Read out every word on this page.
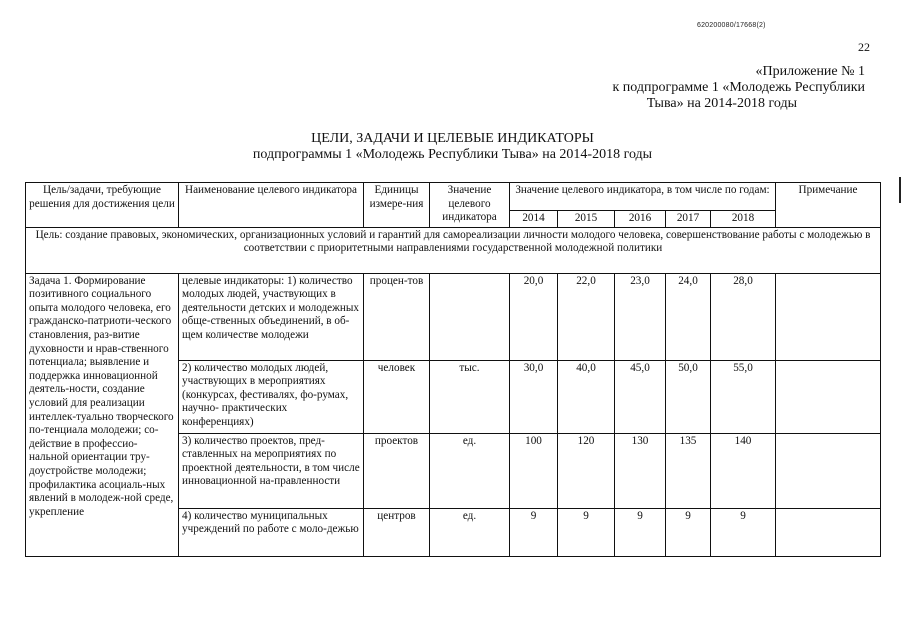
620200080/17668(2)
22
«Приложение № 1
к подпрограмме 1 «Молодежь Республики
Тыва» на 2014-2018 годы
ЦЕЛИ, ЗАДАЧИ И ЦЕЛЕВЫЕ ИНДИКАТОРЫ
подпрограммы 1 «Молодежь Республики Тыва» на 2014-2018 годы
Цель/задачи, требующие решения для достижения цели	Наименование целевого индикатора	Единицы измере-ния	Значение целевого индикатора	Значение целевого индикатора, в том числе по годам:					Примечание
				2014	2015	2016	2017	2018	
Цель: создание правовых, экономических, организационных условий и гарантий для самореализации личности молодого человека, совершенствование работы с молодежью в соответствии с приоритетными направлениями государственной молодежной политики									
Задача 1. Формирование позитивного социального опыта молодого человека, его гражданско-патриоти-ческого становления, раз-витие духовности и нрав-ственного потенциала; выявление и поддержка инновационной деятель-ности, создание условий для реализации интеллек-туально творческого по-тенциала молодежи; со-действие в профессио-нальной ориентации тру-доустройстве молодежи; профилактика асоциаль-ных явлений в молодеж-ной среде, укрепление	целевые индикаторы: 1) количество молодых людей, участвующих в деятельности детских и молодежных обще-ственных объединений, в об-щем количестве молодежи	процен-тов		20,0	22,0	23,0	24,0	28,0	
	2) количество молодых людей, участвующих в мероприятиях (конкурсах, фестивалях, фо-румах, научно- практических конференциях)	человек	тыс.	30,0	40,0	45,0	50,0	55,0	
	3) количество проектов, пред-ставленных на мероприятиях по проектной деятельности, в том числе инновационной на-правленности	проектов	ед.	100	120	130	135	140	
	4) количество муниципальных учреждений по работе с моло-дежью	центров	ед.	9	9	9	9	9	
